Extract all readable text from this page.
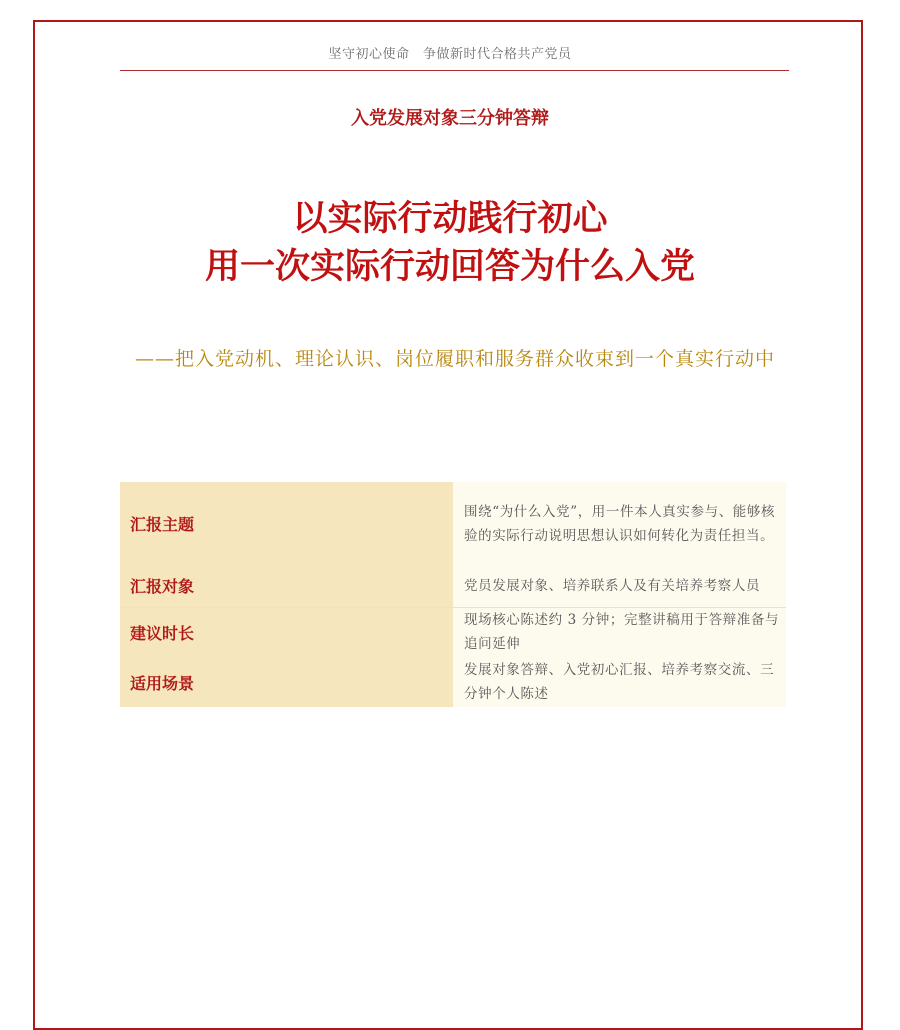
坚守初心使命　争做新时代合格共产党员
入党发展对象三分钟答辩
以实际行动践行初心
用一次实际行动回答为什么入党
——把入党动机、理论认识、岗位履职和服务群众收束到一个真实行动中
汇报主题	围绕“为什么入党”，用一件本人真实参与、能够核验的实际行动说明思想认识如何转化为责任担当。
汇报对象	党员发展对象、培养联系人及有关培养考察人员
建议时长	现场核心陈述约 3 分钟；完整讲稿用于答辩准备与追问延伸
适用场景	发展对象答辩、入党初心汇报、培养考察交流、三分钟个人陈述
